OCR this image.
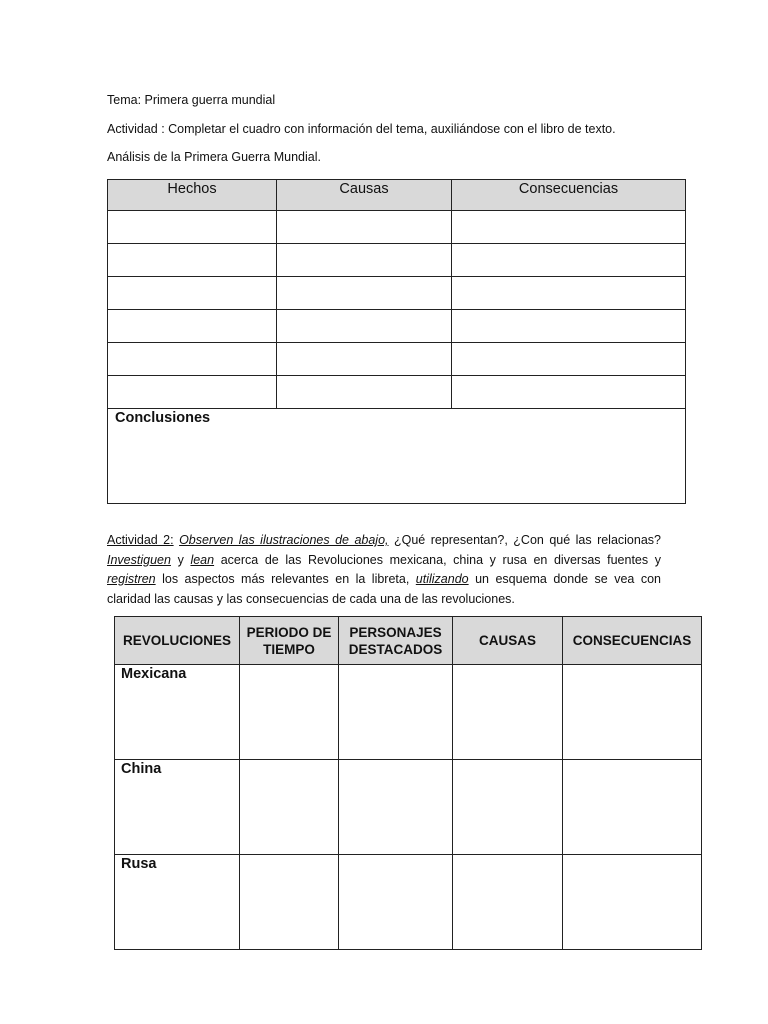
Tema: Primera guerra mundial
Actividad : Completar el cuadro con información del tema, auxiliándose con el libro de texto.
Análisis de la Primera Guerra Mundial.
Hechos	Causas	Consecuencias

Conclusiones		
Actividad 2: Observen las ilustraciones de abajo, ¿Qué representan?, ¿Con qué las relacionas?
Investiguen y lean acerca de las Revoluciones mexicana, china y rusa en diversas fuentes y
registren los aspectos más relevantes en la libreta, utilizando un esquema donde se vea con
claridad las causas y las consecuencias de cada una de las revoluciones.
REVOLUCIONES	PERIODO DE TIEMPO	PERSONAJES DESTACADOS	CAUSAS	CONSECUENCIAS
Mexicana				
China				
Rusa				
